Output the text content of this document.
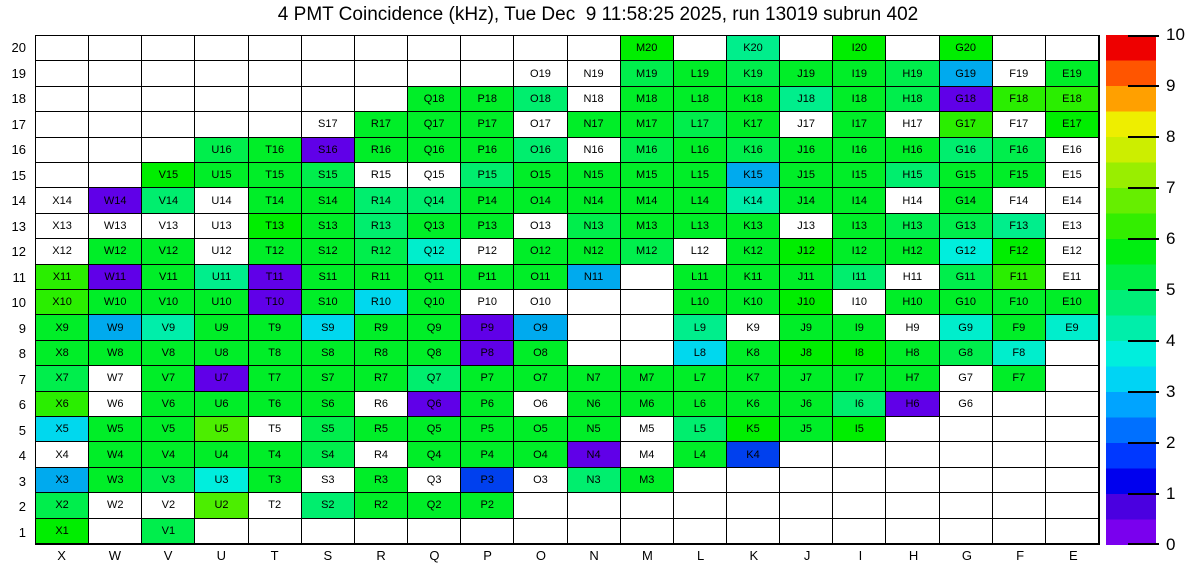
4 PMT Coincidence (kHz), Tue Dec  9 11:58:25 2025, run 13019 subrun 402
20
19
18
17
16
15
14
13
12
11
10
9
8
7
6
5
4
3
2
1
M20	K20	I20	G20
O19	N19	M19	L19	K19	J19	I19	H19	G19	F19	E19
Q18	P18	O18	N18	M18	L18	K18	J18	I18	H18	G18	F18	E18
S17	R17	Q17	P17	O17	N17	M17	L17	K17	J17	I17	H17	G17	F17	E17
U16	T16	S16	R16	Q16	P16	O16	N16	M16	L16	K16	J16	I16	H16	G16	F16	E16
V15	U15	T15	S15	R15	Q15	P15	O15	N15	M15	L15	K15	J15	I15	H15	G15	F15	E15
X14	W14	V14	U14	T14	S14	R14	Q14	P14	O14	N14	M14	L14	K14	J14	I14	H14	G14	F14	E14
X13	W13	V13	U13	T13	S13	R13	Q13	P13	O13	N13	M13	L13	K13	J13	I13	H13	G13	F13	E13
X12	W12	V12	U12	T12	S12	R12	Q12	P12	O12	N12	M12	L12	K12	J12	I12	H12	G12	F12	E12
X11	W11	V11	U11	T11	S11	R11	Q11	P11	O11	N11	L11	K11	J11	I11	H11	G11	F11	E11
X10	W10	V10	U10	T10	S10	R10	Q10	P10	O10	L10	K10	J10	I10	H10	G10	F10	E10
X9	W9	V9	U9	T9	S9	R9	Q9	P9	O9	L9	K9	J9	I9	H9	G9	F9	E9
X8	W8	V8	U8	T8	S8	R8	Q8	P8	O8	L8	K8	J8	I8	H8	G8	F8
X7	W7	V7	U7	T7	S7	R7	Q7	P7	O7	N7	M7	L7	K7	J7	I7	H7	G7	F7
X6	W6	V6	U6	T6	S6	R6	Q6	P6	O6	N6	M6	L6	K6	J6	I6	H6	G6
X5	W5	V5	U5	T5	S5	R5	Q5	P5	O5	N5	M5	L5	K5	J5	I5
X4	W4	V4	U4	T4	S4	R4	Q4	P4	O4	N4	M4	L4	K4
X3	W3	V3	U3	T3	S3	R3	Q3	P3	O3	N3	M3
X2	W2	V2	U2	T2	S2	R2	Q2	P2
X1	V1
X	W	V	U	T	S	R	Q	P	O	N	M	L	K	J	I	H	G	F	E
10
9
8
7
6
5
4
3
2
1
0
